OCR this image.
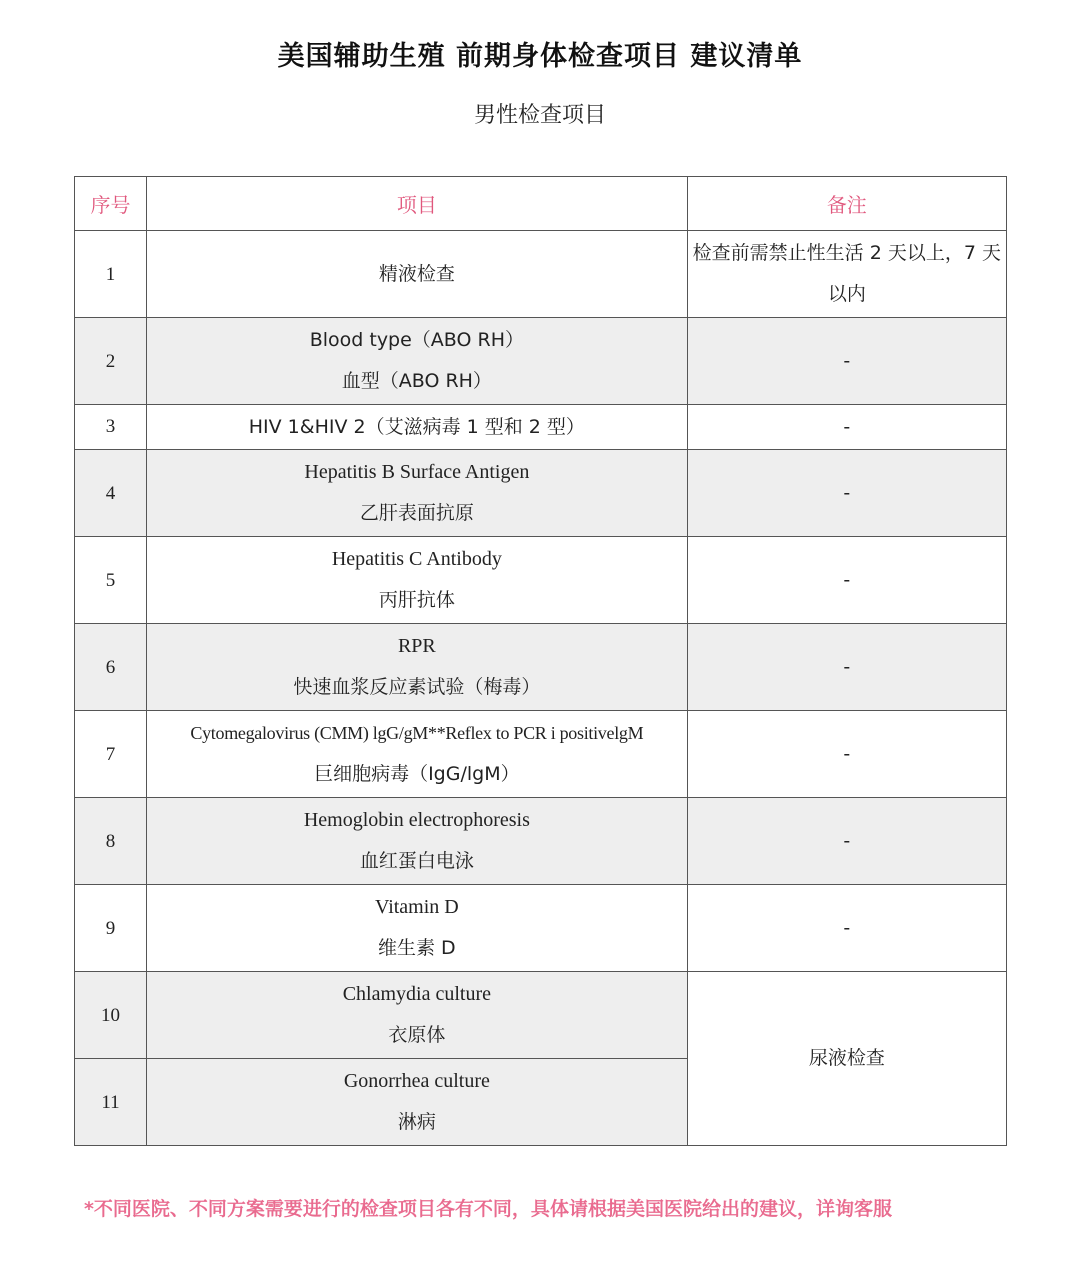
美国辅助生殖 前期身体检查项目 建议清单
男性检查项目
序号	项目	备注
1	精液检查	检查前需禁止性生活 2 天以上，7 天以内
2	Blood type（ABO RH）
血型（ABO RH）	-
3	HIV 1&HIV 2（艾滋病毒 1 型和 2 型）	-
4	Hepatitis B Surface Antigen
乙肝表面抗原	-
5	Hepatitis C Antibody
丙肝抗体	-
6	RPR
快速血浆反应素试验（梅毒）	-
7	Cytomegalovirus (CMM) lgG/gM**Reflex to PCR i positivelgM
巨细胞病毒（IgG/lgM）	-
8	Hemoglobin electrophoresis
血红蛋白电泳	-
9	Vitamin D
维生素 D	-
10	Chlamydia culture
衣原体	尿液检查
11	Gonorrhea culture
淋病	
*不同医院、不同方案需要进行的检查项目各有不同，具体请根据美国医院给出的建议，详询客服
